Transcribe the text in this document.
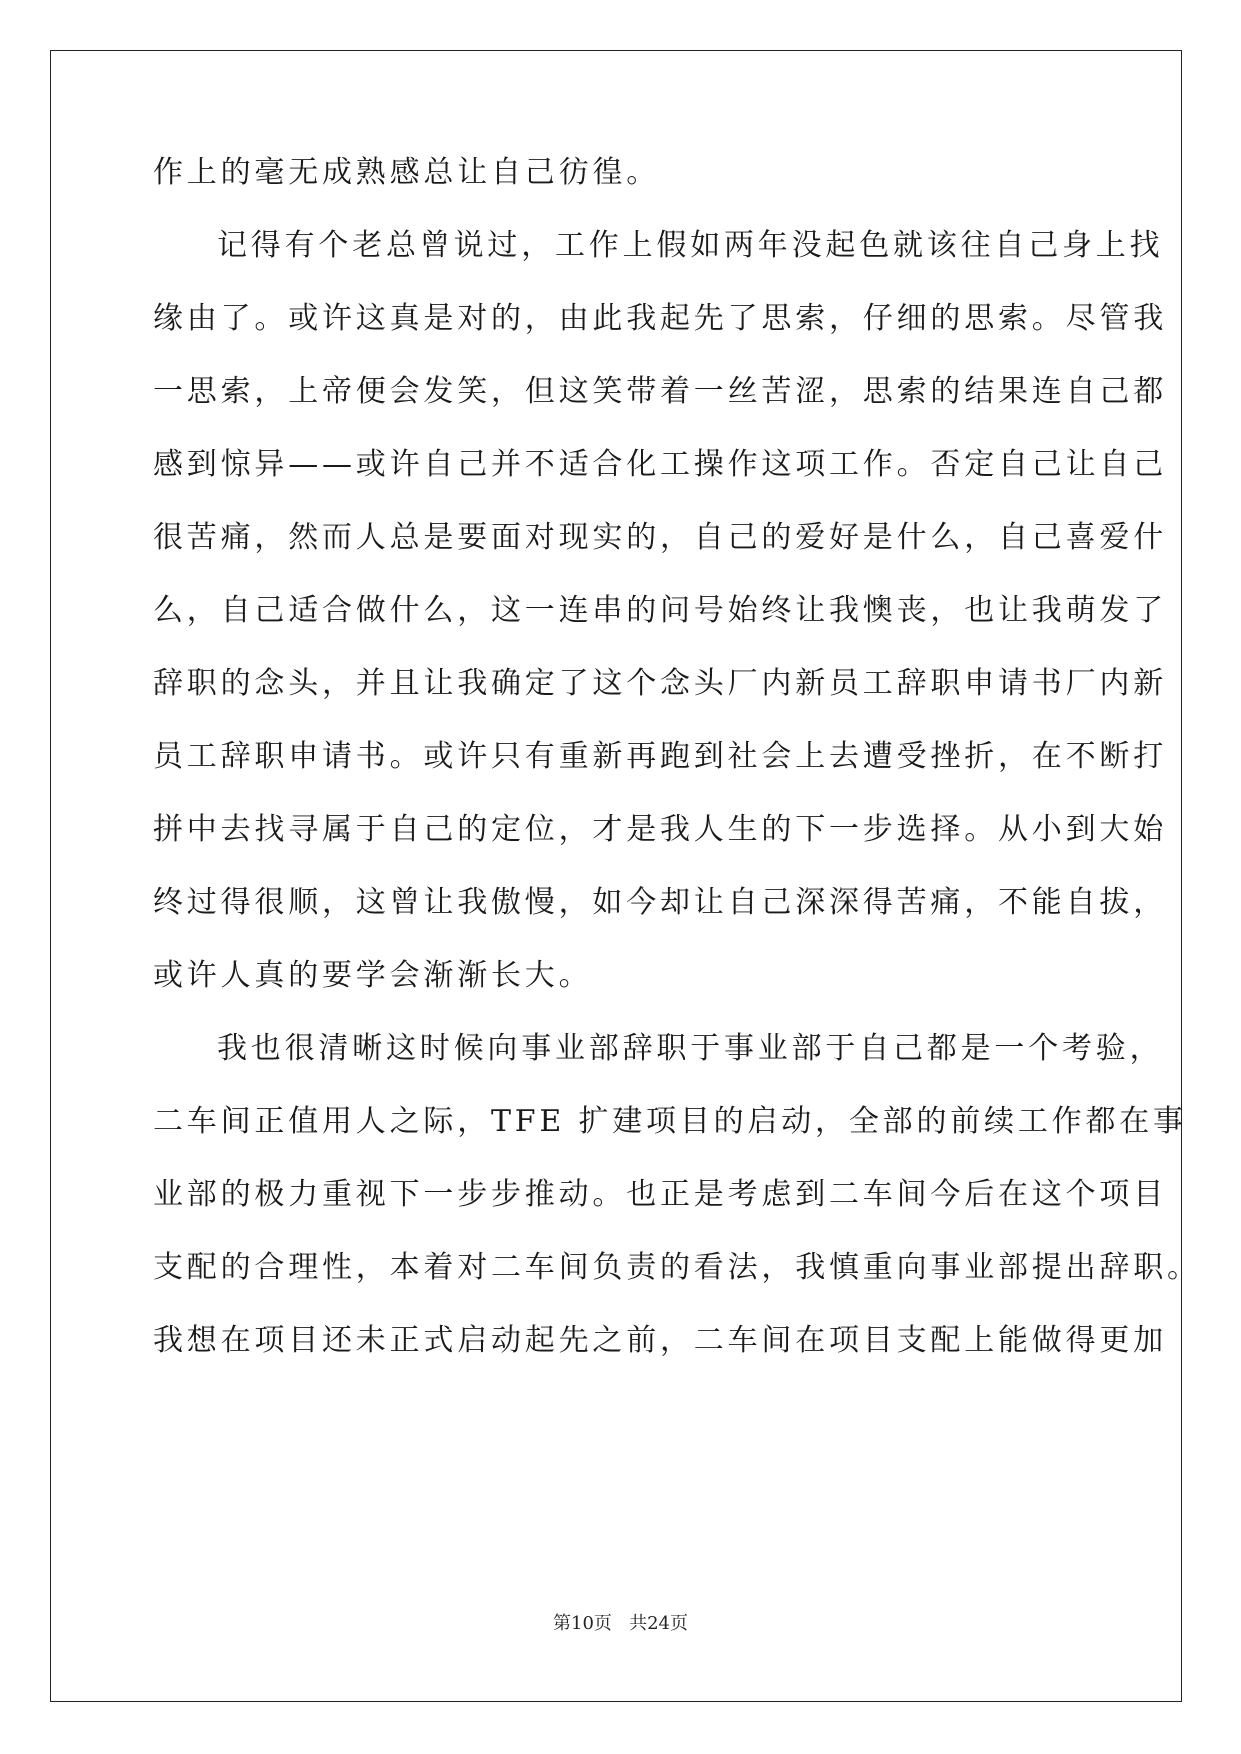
作上的毫无成熟感总让自己彷徨。
记得有个老总曾说过，工作上假如两年没起色就该往自己身上找
缘由了。或许这真是对的，由此我起先了思索，仔细的思索。尽管我
一思索，上帝便会发笑，但这笑带着一丝苦涩，思索的结果连自己都
感到惊异——或许自己并不适合化工操作这项工作。否定自己让自己
很苦痛，然而人总是要面对现实的，自己的爱好是什么，自己喜爱什
么，自己适合做什么，这一连串的问号始终让我懊丧，也让我萌发了
辞职的念头，并且让我确定了这个念头厂内新员工辞职申请书厂内新
员工辞职申请书。或许只有重新再跑到社会上去遭受挫折，在不断打
拼中去找寻属于自己的定位，才是我人生的下一步选择。从小到大始
终过得很顺，这曾让我傲慢，如今却让自己深深得苦痛，不能自拔，
或许人真的要学会渐渐长大。
我也很清晰这时候向事业部辞职于事业部于自己都是一个考验，
二车间正值用人之际，TFE 扩建项目的启动，全部的前续工作都在事
业部的极力重视下一步步推动。也正是考虑到二车间今后在这个项目
支配的合理性，本着对二车间负责的看法，我慎重向事业部提出辞职。
我想在项目还未正式启动起先之前，二车间在项目支配上能做得更加
第10页 共24页
